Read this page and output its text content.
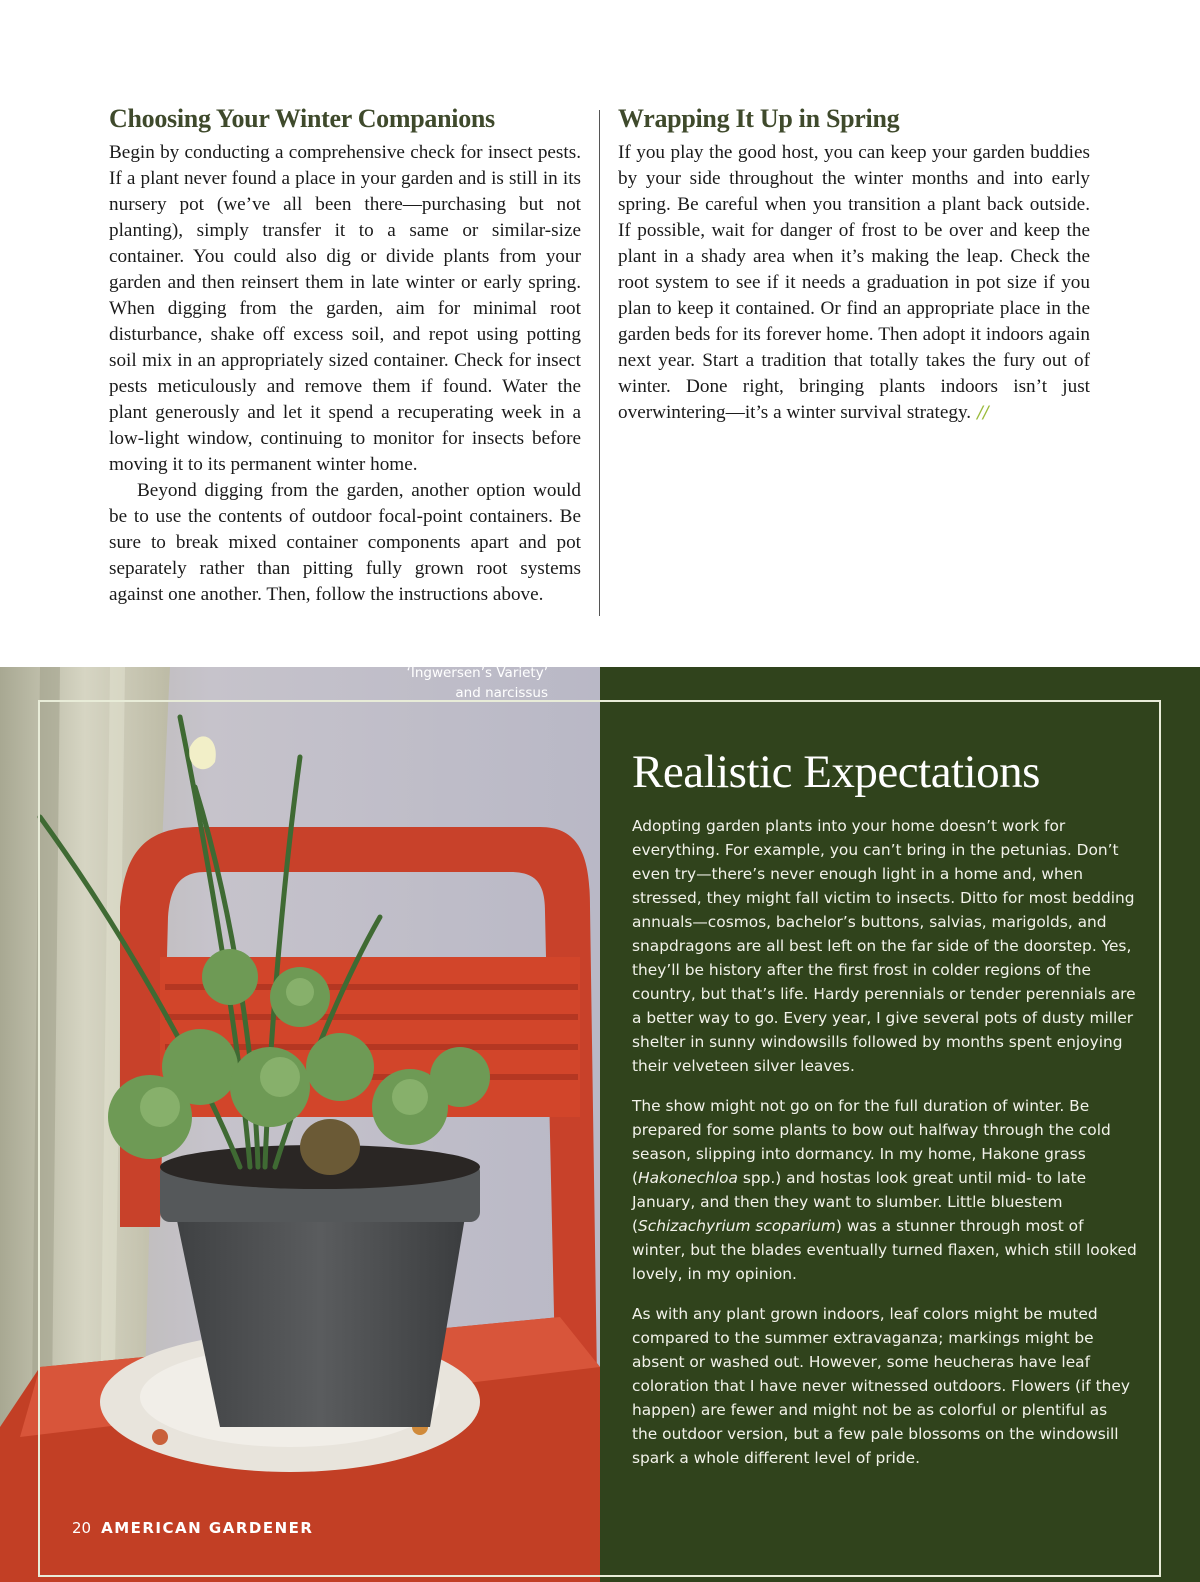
Choosing Your Winter Companions

Begin by conducting a comprehensive check for insect pests. If a plant never found a place in your garden and is still in its nursery pot (we’ve all been there—purchasing but not planting), simply transfer it to a same or similar-size container. You could also dig or divide plants from your garden and then reinsert them in late winter or early spring. When digging from the garden, aim for minimal root disturbance, shake off excess soil, and repot using potting soil mix in an appropriately sized container. Check for insect pests meticulously and remove them if found. Water the plant generously and let it spend a recuperating week in a low-light window, continuing to monitor for insects before moving it to its permanent winter home.

Beyond digging from the garden, another option would be to use the contents of outdoor focal-point containers. Be sure to break mixed container components apart and pot separately rather than pitting fully grown root systems against one another. Then, follow the instructions above.

Wrapping It Up in Spring

If you play the good host, you can keep your garden buddies by your side throughout the winter months and into early spring. Be careful when you transition a plant back outside. If possible, wait for danger of frost to be over and keep the plant in a shady area when it’s making the leap. Check the root system to see if it needs a graduation in pot size if you plan to keep it contained. Or find an appropriate place in the garden beds for its forever home. Then adopt it indoors again next year. Start a tradition that totally takes the fury out of winter. Done right, bringing plants indoors isn’t just overwintering—it’s a winter survival strategy. //

Realistic Expectations

Adopting garden plants into your home doesn’t work for everything. For example, you can’t bring in the petunias. Don’t even try—there’s never enough light in a home and, when stressed, they might fall victim to insects. Ditto for most bedding annuals—cosmos, bachelor’s buttons, salvias, marigolds, and snapdragons are all best left on the far side of the doorstep. Yes, they’ll be history after the first frost in colder regions of the country, but that’s life. Hardy perennials or tender perennials are a better way to go. Every year, I give several pots of dusty miller shelter in sunny windowsills followed by months spent enjoying their velveteen silver leaves.

The show might not go on for the full duration of winter. Be prepared for some plants to bow out halfway through the cold season, slipping into dormancy. In my home, Hakone grass (Hakonechloa spp.) and hostas look great until mid- to late January, and then they want to slumber. Little bluestem (Schizachyrium scoparium) was a stunner through most of winter, but the blades eventually turned flaxen, which still looked lovely, in my opinion.

As with any plant grown indoors, leaf colors might be muted compared to the summer extravaganza; markings might be absent or washed out. However, some heucheras have leaf coloration that I have never witnessed outdoors. Flowers (if they happen) are fewer and might not be as colorful or plentiful as the outdoor version, but a few pale blossoms on the windowsill spark a whole different level of pride.

Geranium macrorrhizum
‘Ingwersen’s Variety’
and narcissus
20 AMERICAN GARDENER
